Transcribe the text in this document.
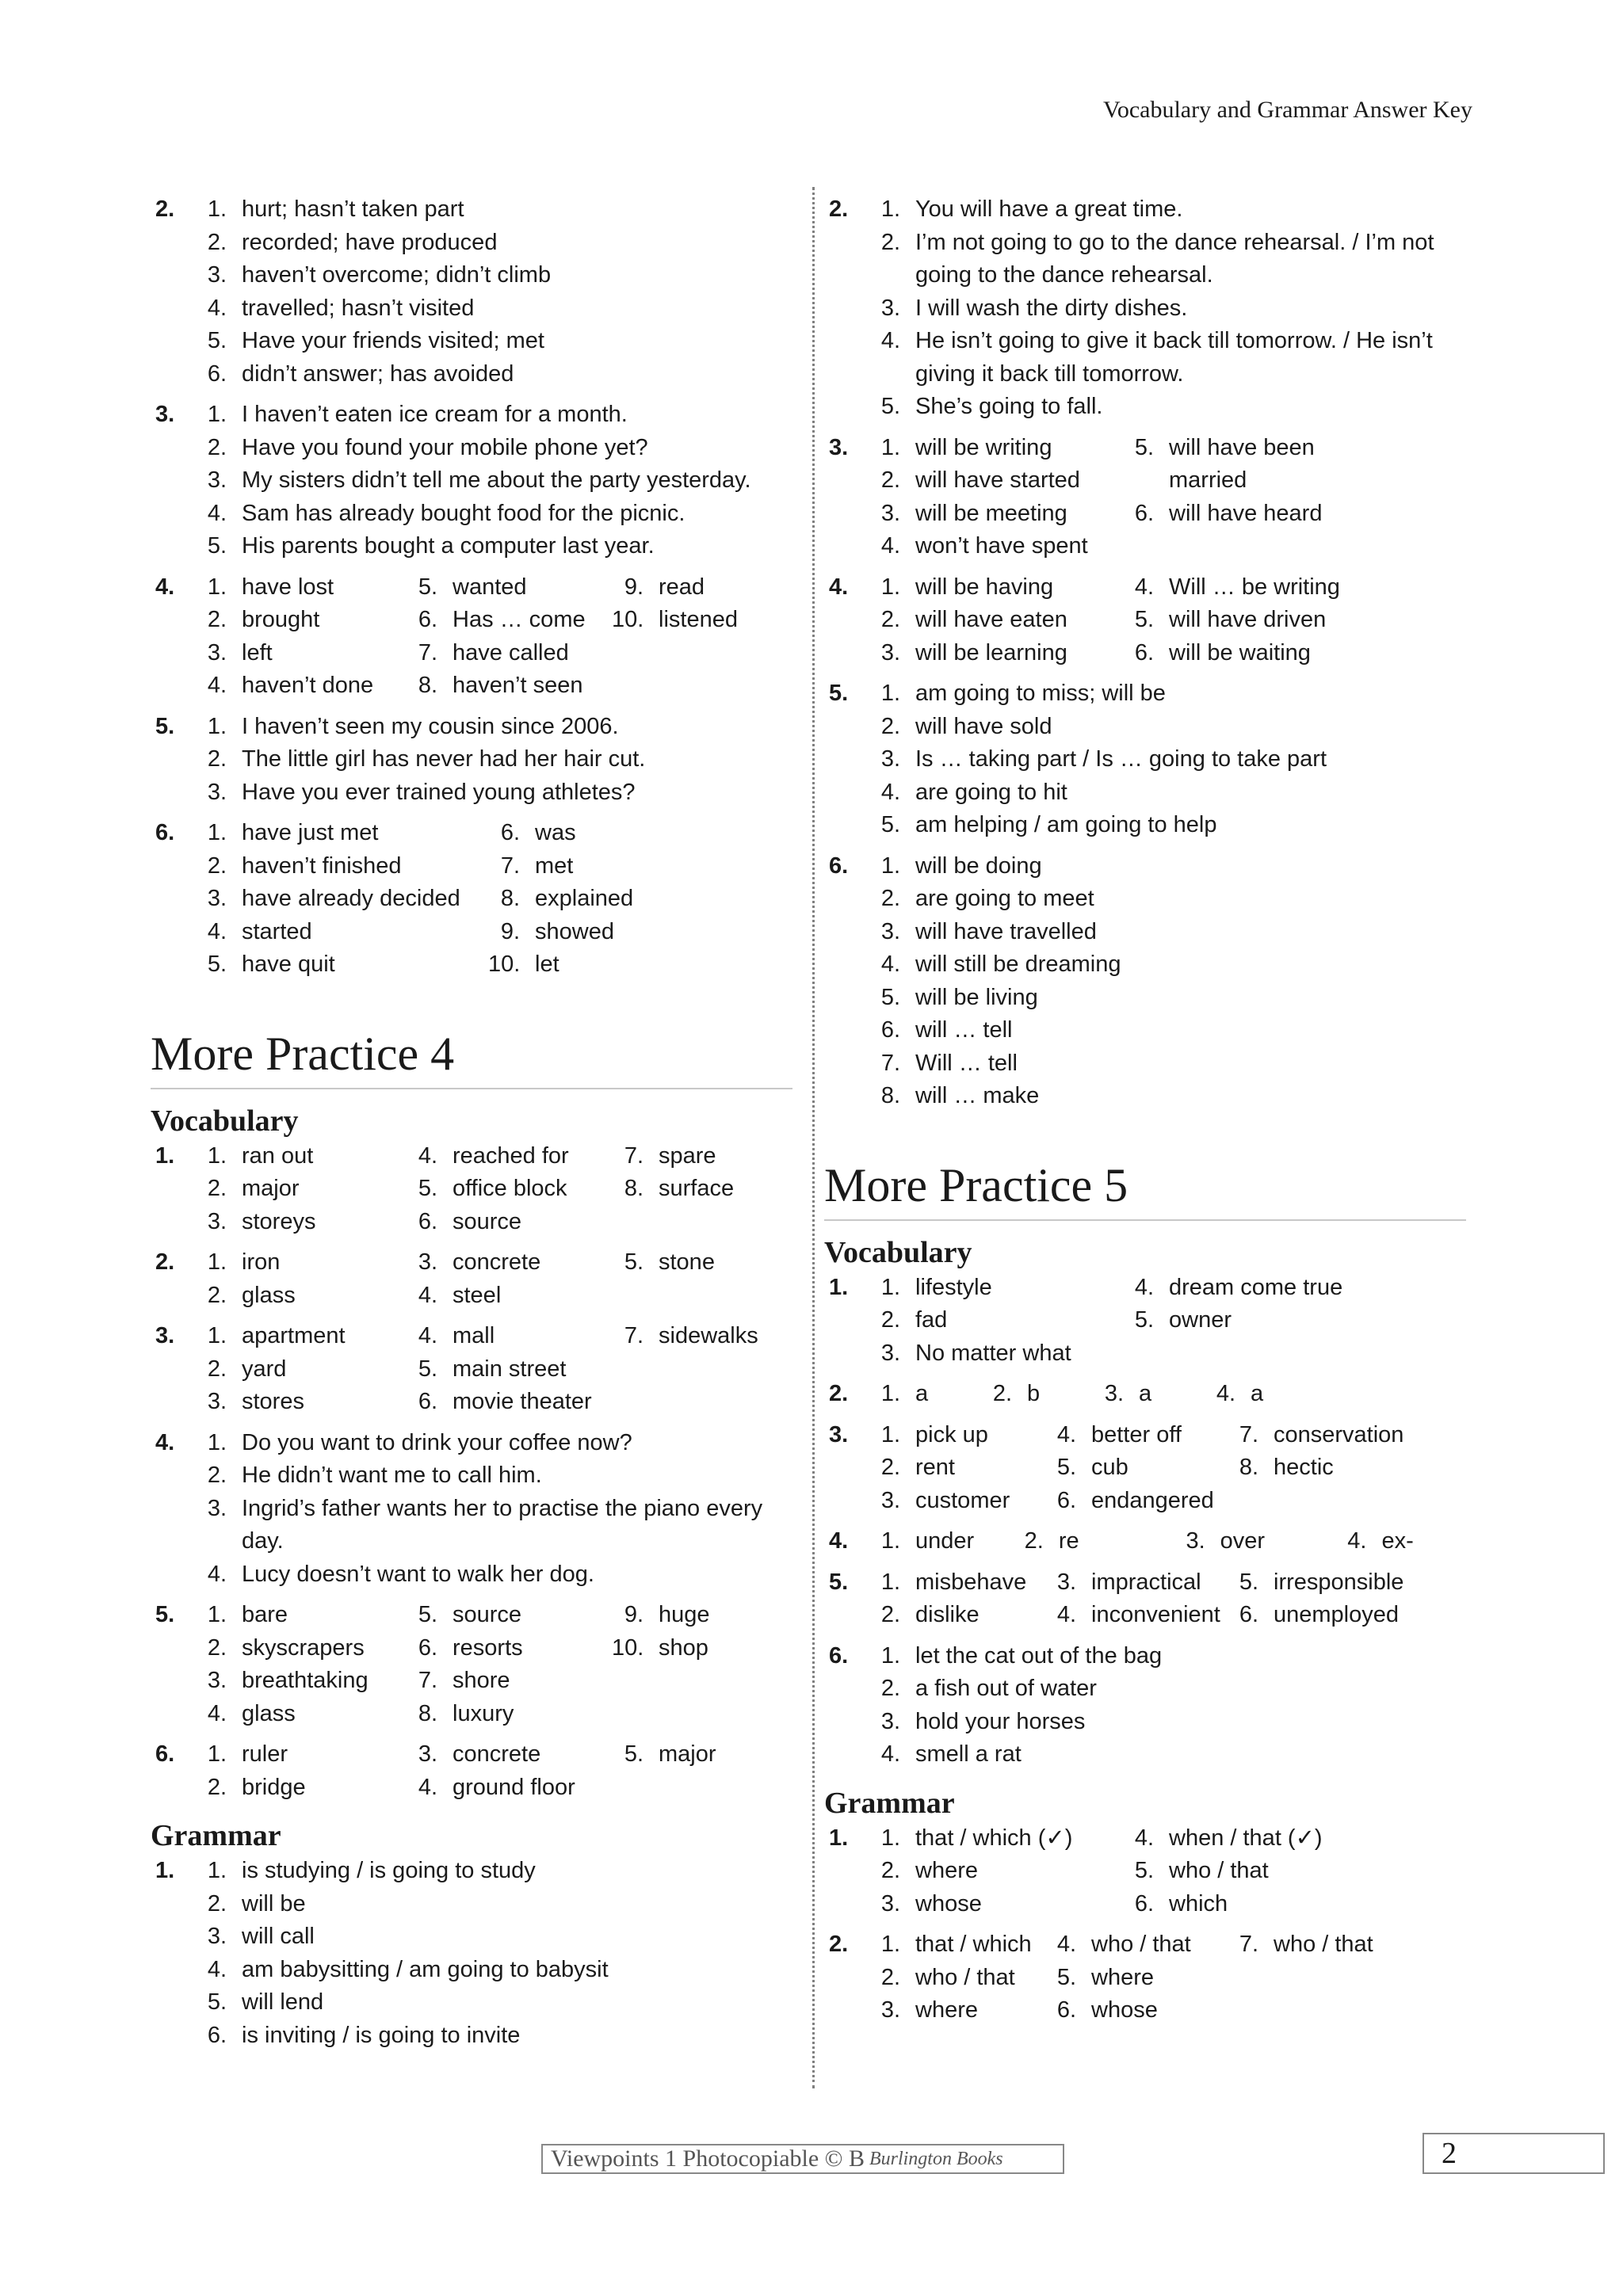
Vocabulary and Grammar Answer Key
2.	1. hurt; hasn’t taken part
2. recorded; have produced
3. haven’t overcome; didn’t climb
4. travelled; hasn’t visited
5. Have your friends visited; met
6. didn’t answer; has avoided
3.	1. I haven’t eaten ice cream for a month.
2. Have you found your mobile phone yet?
3. My sisters didn’t tell me about the party yesterday.
4. Sam has already bought food for the picnic.
5. His parents bought a computer last year.
4.	1. have lost
2. brought
3. left
4. haven’t done
5. wanted
6. Has … come
7. have called
8. haven’t seen
9. read
10. listened
5.	1. I haven’t seen my cousin since 2006.
2. The little girl has never had her hair cut.
3. Have you ever trained young athletes?
6.	1. have just met
2. haven’t finished
3. have already decided
4. started
5. have quit
6. was
7. met
8. explained
9. showed
10. let
More Practice 4
Vocabulary
1.	1. ran out
2. major
3. storeys
4. reached for
5. office block
6. source
7. spare
8. surface
2.	1. iron
2. glass
3. concrete
4. steel
5. stone
3.	1. apartment
2. yard
3. stores
4. mall
5. main street
6. movie theater
7. sidewalks
4.	1. Do you want to drink your coffee now?
2. He didn’t want me to call him.
3. Ingrid’s father wants her to practise the piano every day.
4. Lucy doesn’t want to walk her dog.
5.	1. bare
2. skyscrapers
3. breathtaking
4. glass
5. source
6. resorts
7. shore
8. luxury
9. huge
10. shop
6.	1. ruler
2. bridge
3. concrete
4. ground floor
5. major
Grammar
1.	1. is studying / is going to study
2. will be
3. will call
4. am babysitting / am going to babysit
5. will lend
6. is inviting / is going to invite
2.	1. You will have a great time.
2. I’m not going to go to the dance rehearsal. / I’m not going to the dance rehearsal.
3. I will wash the dirty dishes.
4. He isn’t going to give it back till tomorrow. / He isn’t giving it back till tomorrow.
5. She’s going to fall.
3.	1. will be writing
2. will have started
3. will be meeting
4. won’t have spent
5. will have been married
6. will have heard
4.	1. will be having
2. will have eaten
3. will be learning
4. Will … be writing
5. will have driven
6. will be waiting
5.	1. am going to miss; will be
2. will have sold
3. Is … taking part / Is … going to take part
4. are going to hit
5. am helping / am going to help
6.	1. will be doing
2. are going to meet
3. will have travelled
4. will still be dreaming
5. will be living
6. will … tell
7. Will … tell
8. will … make
More Practice 5
Vocabulary
1.	1. lifestyle
2. fad
3. No matter what
4. dream come true
5. owner
2.	1. a	2. b	3. a	4. a
3.	1. pick up
2. rent
3. customer
4. better off
5. cub
6. endangered
7. conservation
8. hectic
4.	1. under	2. re	3. over	4. ex-
5.	1. misbehave
2. dislike
3. impractical
4. inconvenient
5. irresponsible
6. unemployed
6.	1. let the cat out of the bag
2. a fish out of water
3. hold your horses
4. smell a rat
Grammar
1.	1. that / which (✓)
2. where
3. whose
4. when / that (✓)
5. who / that
6. which
2.	1. that / which
2. who / that
3. where
4. who / that
5. where
6. whose
7. who / that
Viewpoints 1 Photocopiable © B Burlington Books	2
